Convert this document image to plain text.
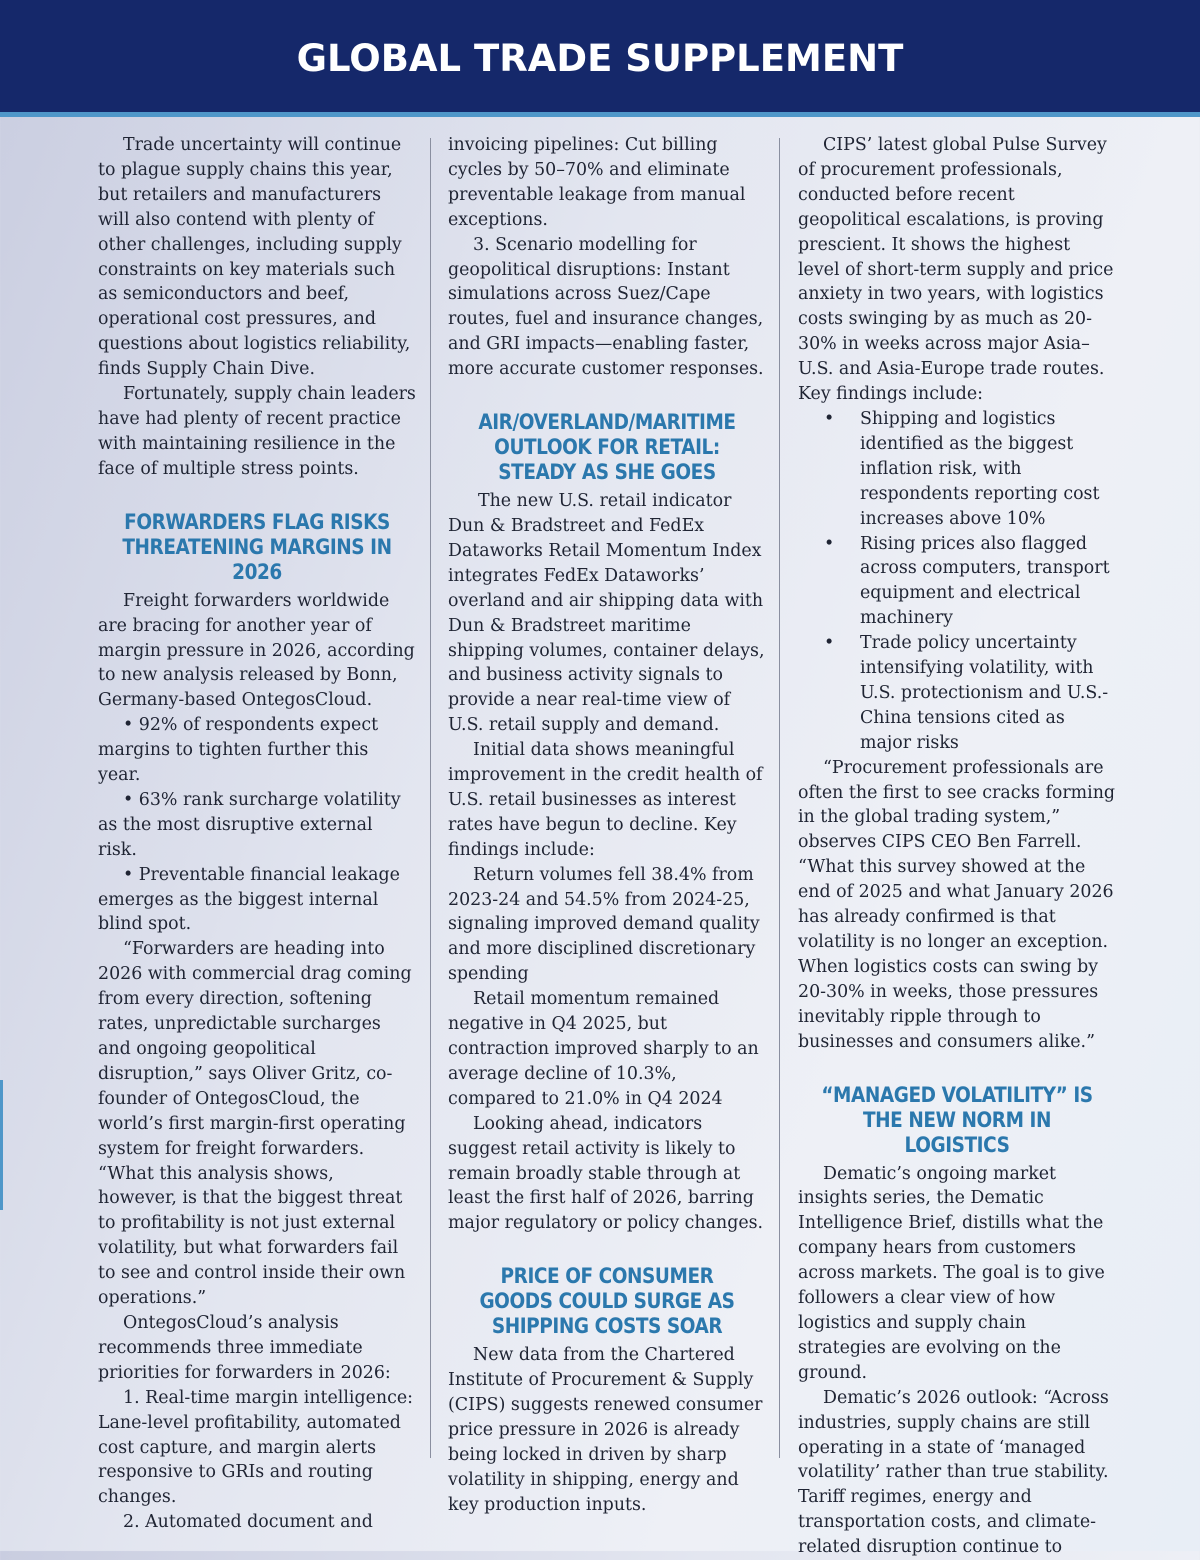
GLOBAL TRADE SUPPLEMENT

Trade uncertainty will continue to plague supply chains this year, but retailers and manufacturers will also contend with plenty of other challenges, including supply constraints on key materials such as semiconductors and beef, operational cost pressures, and questions about logistics reliability, finds Supply Chain Dive.

Fortunately, supply chain leaders have had plenty of recent practice with maintaining resilience in the face of multiple stress points.

FORWARDERS FLAG RISKS THREATENING MARGINS IN 2026

Freight forwarders worldwide are bracing for another year of margin pressure in 2026, according to new analysis released by Bonn, Germany-based OntegosCloud.

• 92% of respondents expect margins to tighten further this year.

• 63% rank surcharge volatility as the most disruptive external risk.

• Preventable financial leakage emerges as the biggest internal blind spot.

“Forwarders are heading into 2026 with commercial drag coming from every direction, softening rates, unpredictable surcharges and ongoing geopolitical disruption,” says Oliver Gritz, co-founder of OntegosCloud, the world’s first margin-first operating system for freight forwarders. “What this analysis shows, however, is that the biggest threat to profitability is not just external volatility, but what forwarders fail to see and control inside their own operations.”

OntegosCloud’s analysis recommends three immediate priorities for forwarders in 2026:

1. Real-time margin intelligence: Lane-level profitability, automated cost capture, and margin alerts responsive to GRIs and routing changes.

2. Automated document and

invoicing pipelines: Cut billing cycles by 50–70% and eliminate preventable leakage from manual exceptions.

3. Scenario modelling for geopolitical disruptions: Instant simulations across Suez/Cape routes, fuel and insurance changes, and GRI impacts—enabling faster, more accurate customer responses.

AIR/OVERLAND/MARITIME OUTLOOK FOR RETAIL: STEADY AS SHE GOES

The new U.S. retail indicator Dun & Bradstreet and FedEx Dataworks Retail Momentum Index integrates FedEx Dataworks’ overland and air shipping data with Dun & Bradstreet maritime shipping volumes, container delays, and business activity signals to provide a near real-time view of U.S. retail supply and demand.

Initial data shows meaningful improvement in the credit health of U.S. retail businesses as interest rates have begun to decline. Key findings include:

Return volumes fell 38.4% from 2023-24 and 54.5% from 2024-25, signaling improved demand quality and more disciplined discretionary spending

Retail momentum remained negative in Q4 2025, but contraction improved sharply to an average decline of 10.3%, compared to 21.0% in Q4 2024

Looking ahead, indicators suggest retail activity is likely to remain broadly stable through at least the first half of 2026, barring major regulatory or policy changes.

PRICE OF CONSUMER GOODS COULD SURGE AS SHIPPING COSTS SOAR

New data from the Chartered Institute of Procurement & Supply (CIPS) suggests renewed consumer price pressure in 2026 is already being locked in driven by sharp volatility in shipping, energy and key production inputs.

CIPS’ latest global Pulse Survey of procurement professionals, conducted before recent geopolitical escalations, is proving prescient. It shows the highest level of short-term supply and price anxiety in two years, with logistics costs swinging by as much as 20-30% in weeks across major Asia–U.S. and Asia-Europe trade routes. Key findings include:

• Shipping and logistics identified as the biggest inflation risk, with respondents reporting cost increases above 10%
• Rising prices also flagged across computers, transport equipment and electrical machinery
• Trade policy uncertainty intensifying volatility, with U.S. protectionism and U.S.-China tensions cited as major risks

“Procurement professionals are often the first to see cracks forming in the global trading system,” observes CIPS CEO Ben Farrell. “What this survey showed at the end of 2025 and what January 2026 has already confirmed is that volatility is no longer an exception. When logistics costs can swing by 20-30% in weeks, those pressures inevitably ripple through to businesses and consumers alike.”

“MANAGED VOLATILITY” IS THE NEW NORM IN LOGISTICS

Dematic’s ongoing market insights series, the Dematic Intelligence Brief, distills what the company hears from customers across markets. The goal is to give followers a clear view of how logistics and supply chain strategies are evolving on the ground.

Dematic’s 2026 outlook: “Across industries, supply chains are still operating in a state of ‘managed volatility’ rather than true stability. Tariff regimes, energy and transportation costs, and climate-related disruption continue to
